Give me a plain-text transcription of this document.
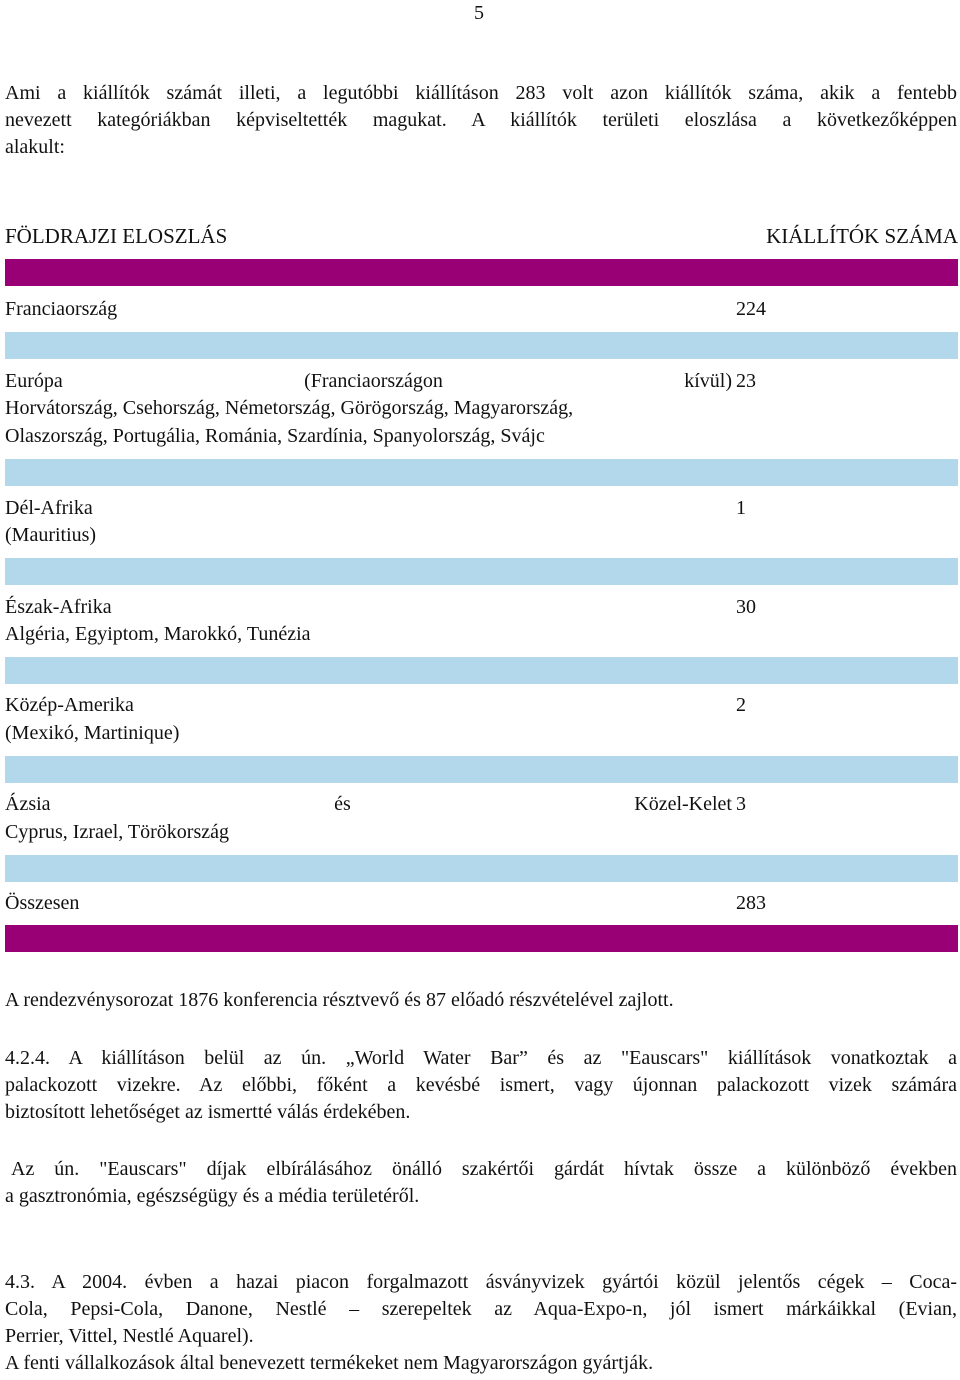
5
Ami a kiállítók számát illeti, a legutóbbi kiállításon 283 volt azon kiállítók száma, akik a fentebb
nevezett kategóriákban képviseltették magukat. A kiállítók területi eloszlása a következőképpen
alakult:
FÖLDRAJZI ELOSZLÁS	KIÁLLÍTÓK SZÁMA
Franciaország	224
Európa	(Franciaországon	kívül) 23
Horvátország, Csehország, Németország, Görögország, Magyarország,
Olaszország, Portugália, Románia, Szardínia, Spanyolország, Svájc
Dél-Afrika	1
(Mauritius)
Észak-Afrika	30
Algéria, Egyiptom, Marokkó, Tunézia
Közép-Amerika	2
(Mexikó, Martinique)
Ázsia	és	Közel-Kelet 3
Cyprus, Izrael, Törökország
Összesen	283
A rendezvénysorozat 1876 konferencia résztvevő és 87 előadó részvételével zajlott.
4.2.4. A kiállításon belül az ún. „World Water Bar” és az "Eauscars" kiállítások vonatkoztak a
palackozott vizekre. Az előbbi, főként a kevésbé ismert, vagy újonnan palackozott vizek számára
biztosított lehetőséget az ismertté válás érdekében.
Az ún. "Eauscars" díjak elbírálásához önálló szakértői gárdát hívtak össze a különböző években
a gasztronómia, egészségügy és a média területéről.
4.3. A 2004. évben a hazai piacon forgalmazott ásványvizek gyártói közül jelentős cégek – Coca-
Cola, Pepsi-Cola, Danone, Nestlé – szerepeltek az Aqua-Expo-n, jól ismert márkáikkal (Evian,
Perrier, Vittel, Nestlé Aquarel).
A fenti vállalkozások által benevezett termékeket nem Magyarországon gyártják.
